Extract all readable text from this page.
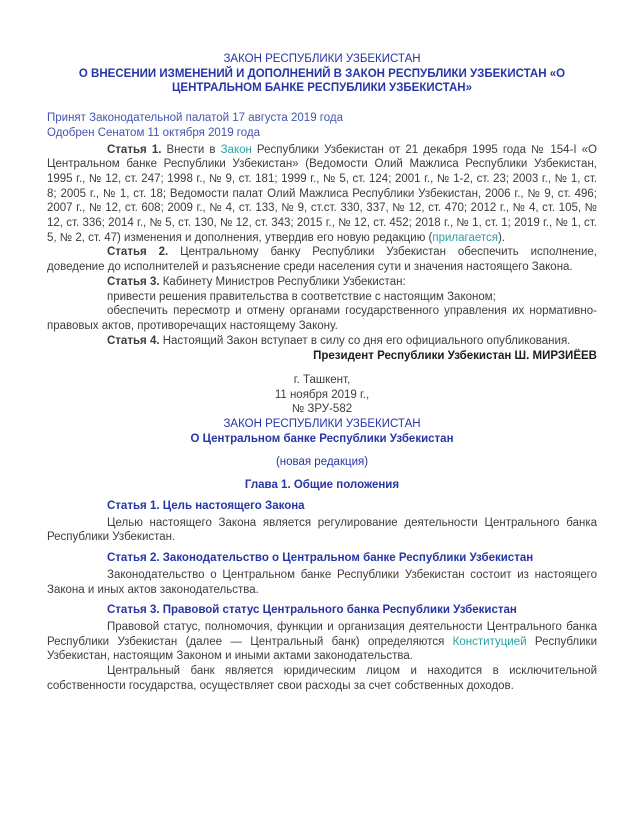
ЗАКОН РЕСПУБЛИКИ УЗБЕКИСТАН
О ВНЕСЕНИИ ИЗМЕНЕНИЙ И ДОПОЛНЕНИЙ В ЗАКОН РЕСПУБЛИКИ УЗБЕКИСТАН «О ЦЕНТРАЛЬНОМ БАНКЕ РЕСПУБЛИКИ УЗБЕКИСТАН»
Принят Законодательной палатой 17 августа 2019 года
Одобрен Сенатом 11 октября 2019 года

Статья 1. Внести в Закон Республики Узбекистан от 21 декабря 1995 года № 154-I «О Центральном банке Республики Узбекистан» (Ведомости Олий Мажлиса Республики Узбекистан, 1995 г., № 12, ст. 247; 1998 г., № 9, ст. 181; 1999 г., № 5, ст. 124; 2001 г., № 1-2, ст. 23; 2003 г., № 1, ст. 8; 2005 г., № 1, ст. 18; Ведомости палат Олий Мажлиса Республики Узбекистан, 2006 г., № 9, ст. 496; 2007 г., № 12, ст. 608; 2009 г., № 4, ст. 133, № 9, ст.ст. 330, 337, № 12, ст. 470; 2012 г., № 4, ст. 105, № 12, ст. 336; 2014 г., № 5, ст. 130, № 12, ст. 343; 2015 г., № 12, ст. 452; 2018 г., № 1, ст. 1; 2019 г., № 1, ст. 5, № 2, ст. 47) изменения и дополнения, утвердив его новую редакцию (прилагается).

Статья 2. Центральному банку Республики Узбекистан обеспечить исполнение, доведение до исполнителей и разъяснение среди населения сути и значения настоящего Закона.

Статья 3. Кабинету Министров Республики Узбекистан:

привести решения правительства в соответствие с настоящим Законом;

обеспечить пересмотр и отмену органами государственного управления их нормативно-правовых актов, противоречащих настоящему Закону.

Статья 4. Настоящий Закон вступает в силу со дня его официального опубликования.

Президент Республики Узбекистан Ш. МИРЗИЁЕВ

г. Ташкент,
11 ноября 2019 г.,
№ ЗРУ-582
ЗАКОН РЕСПУБЛИКИ УЗБЕКИСТАН
О Центральном банке Республики Узбекистан
(новая редакция)
Глава 1. Общие положения
Статья 1. Цель настоящего Закона

Целью настоящего Закона является регулирование деятельности Центрального банка Республики Узбекистан.

Статья 2. Законодательство о Центральном банке Республики Узбекистан

Законодательство о Центральном банке Республики Узбекистан состоит из настоящего Закона и иных актов законодательства.

Статья 3. Правовой статус Центрального банка Республики Узбекистан

Правовой статус, полномочия, функции и организация деятельности Центрального банка Республики Узбекистан (далее — Центральный банк) определяются Конституцией Республики Узбекистан, настоящим Законом и иными актами законодательства.

Центральный банк является юридическим лицом и находится в исключительной собственности государства, осуществляет свои расходы за счет собственных доходов.
